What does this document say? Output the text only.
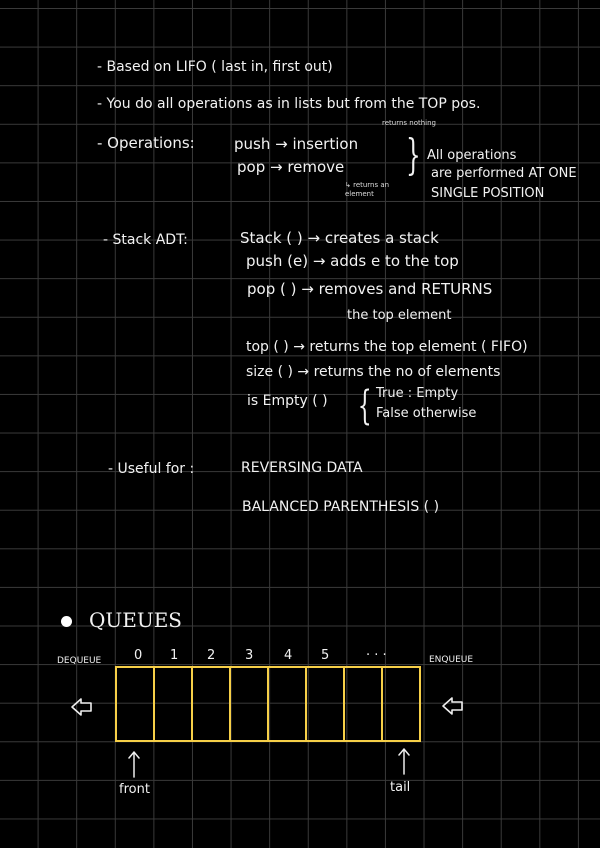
- Based on LIFO ( last in, first out)
- You do all operations as in lists but from the TOP pos.
returns nothing
- Operations:	push → insertion
pop → remove
↳ returns an element
} All operations
are performed AT ONE
SINGLE POSITION
- Stack ADT:	Stack ( ) → creates a stack
push (e) → adds e to the top
pop ( ) → removes and RETURNS
the top element
top ( ) → returns the top element ( FIFO)
size ( ) → returns the no of elements
is Empty ( ) { True : Empty
False otherwise
- Useful for :	REVERSING DATA
BALANCED PARENTHESIS ( )
QUEUES
DEQUEUE	ENQUEUE
0 1 2 3 4 5	. . .
front	tail
